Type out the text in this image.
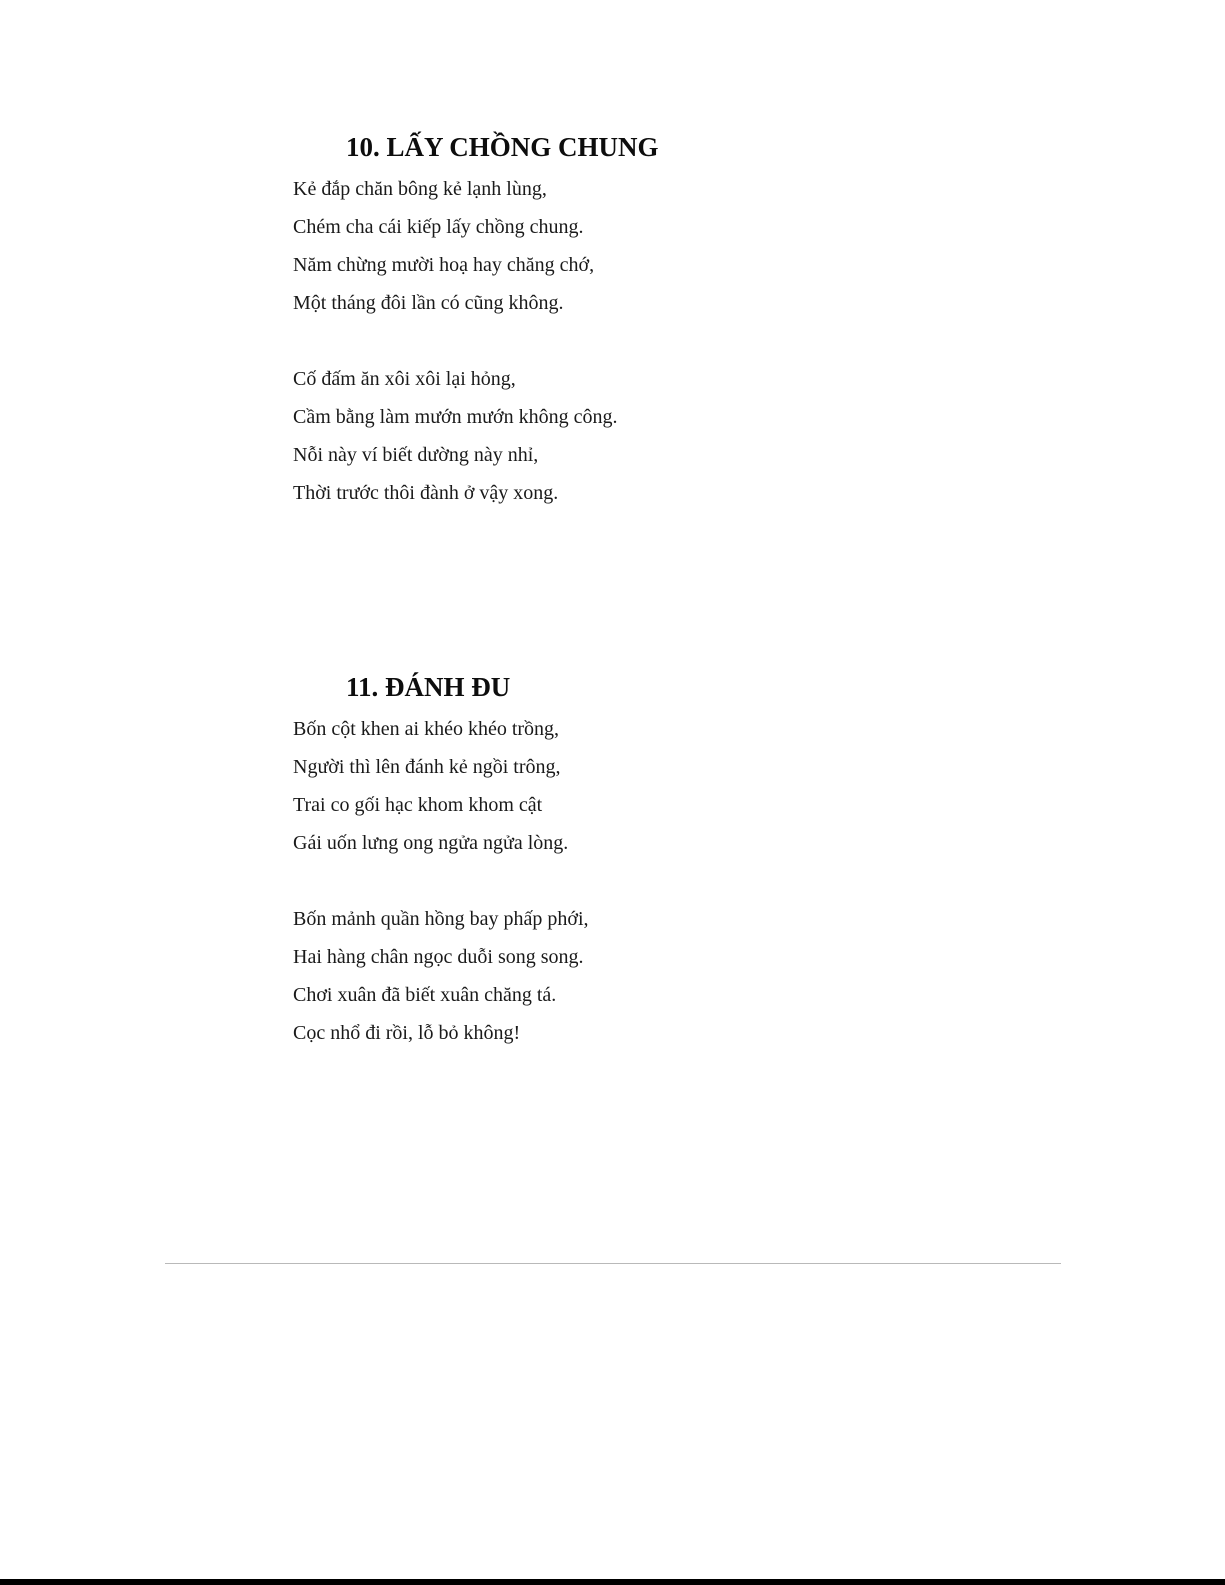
10. LẤY CHỒNG CHUNG
Kẻ đắp chăn bông kẻ lạnh lùng,
Chém cha cái kiếp lấy chồng chung.
Năm chừng mười hoạ hay chăng chớ,
Một tháng đôi lần có cũng không.
Cố đấm ăn xôi xôi lại hỏng,
Cầm bằng làm mướn mướn không công.
Nỗi này ví biết dường này nhỉ,
Thời trước thôi đành ở vậy xong.
11. ĐÁNH ĐU
Bốn cột khen ai khéo khéo trồng,
Người thì lên đánh kẻ ngồi trông,
Trai co gối hạc khom khom cật
Gái uốn lưng ong ngửa ngửa lòng.
Bốn mảnh quần hồng bay phấp phới,
Hai hàng chân ngọc duỗi song song.
Chơi xuân đã biết xuân chăng tá.
Cọc nhổ đi rồi, lỗ bỏ không!
